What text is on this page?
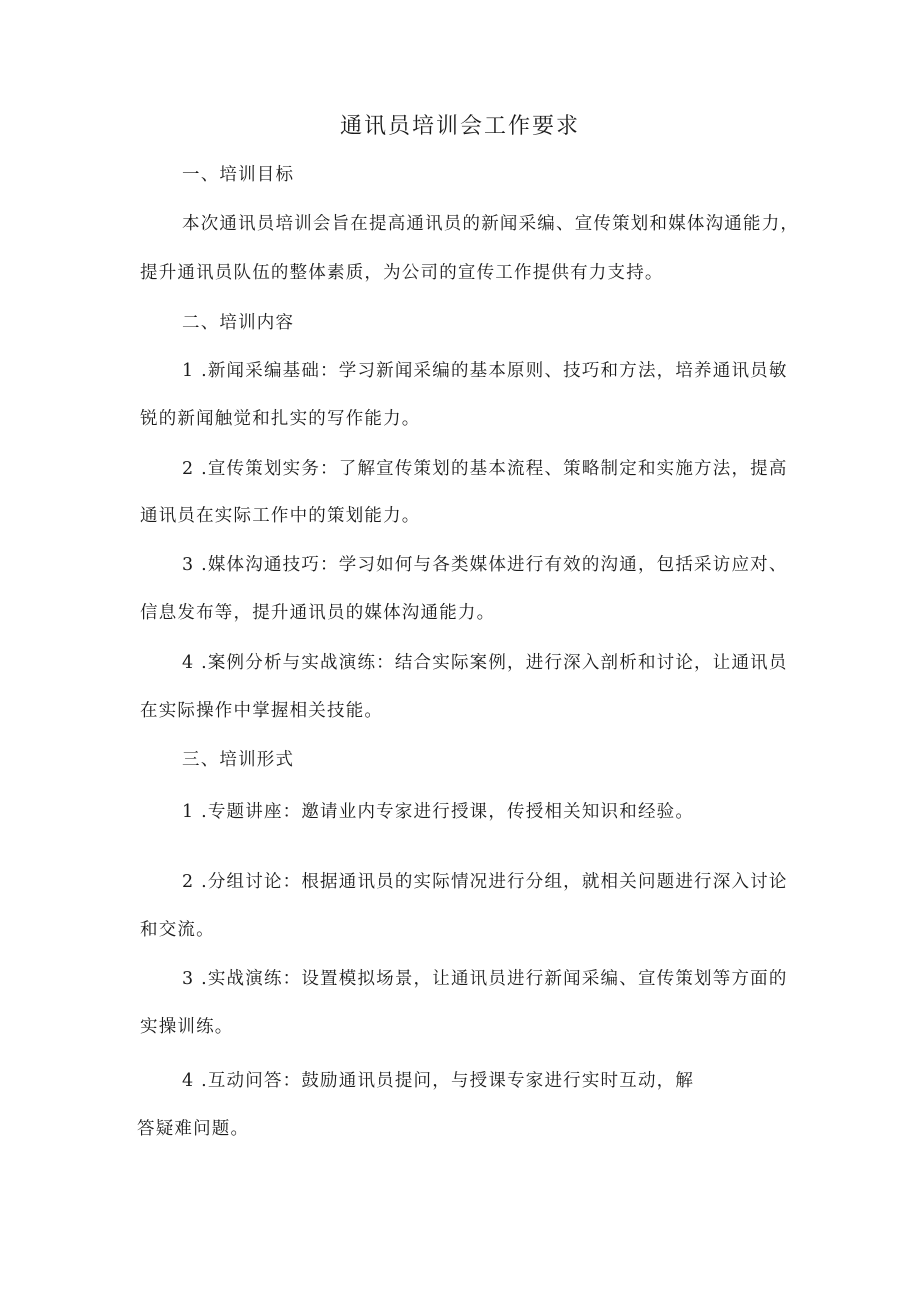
通讯员培训会工作要求
一、培训目标
本次通讯员培训会旨在提高通讯员的新闻采编、宣传策划和媒体沟通能力，
提升通讯员队伍的整体素质，为公司的宣传工作提供有力支持。
二、培训内容
1 .新闻采编基础：学习新闻采编的基本原则、技巧和方法，培养通讯员敏
锐的新闻触觉和扎实的写作能力。
2 .宣传策划实务：了解宣传策划的基本流程、策略制定和实施方法，提高
通讯员在实际工作中的策划能力。
3 .媒体沟通技巧：学习如何与各类媒体进行有效的沟通，包括采访应对、
信息发布等，提升通讯员的媒体沟通能力。
4 .案例分析与实战演练：结合实际案例，进行深入剖析和讨论，让通讯员
在实际操作中掌握相关技能。
三、培训形式
1 .专题讲座：邀请业内专家进行授课，传授相关知识和经验。
2 .分组讨论：根据通讯员的实际情况进行分组，就相关问题进行深入讨论
和交流。
3 .实战演练：设置模拟场景，让通讯员进行新闻采编、宣传策划等方面的
实操训练。
4 .互动问答：鼓励通讯员提问，与授课专家进行实时互动，解
答疑难问题。
